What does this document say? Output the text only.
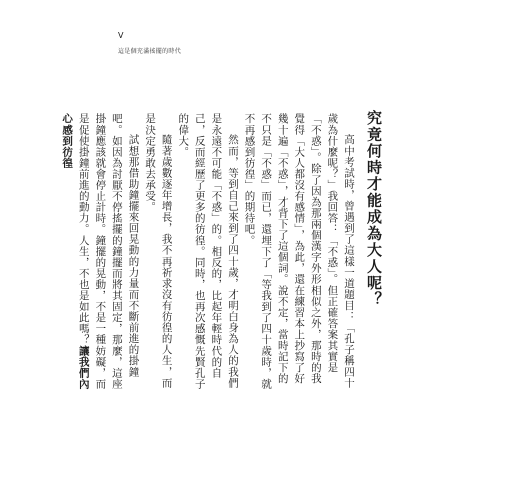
V
這是個充滿搖擺的時代
究竟何時才能成為大人呢？

高中考試時，曾遇到了這樣一道題目：「孔子稱四十歲為什麼呢？」我回答：「不惑」。但正確答案其實是「不惑」。除了因為那兩個漢字外形相似之外，那時的我覺得「大人都沒有感情」，為此，還在練習本上抄寫了好幾十遍「不惑」，才背下了這個詞。說不定，當時記下的不只是「不惑」而已，還埋下了「等我到了四十歲時，就不再感到彷徨」的期待吧。

然而，等到自己來到了四十歲，才明白身為人的我們是永遠不可能「不惑」的。相反的，比起年輕時代的自己，反而經歷了更多的彷徨。同時，也再次感慨先賢孔子的偉大。

隨著歲數逐年增長，我不再祈求沒有彷徨的人生，而是決定勇敢去承受。

試想那借助鐘擺來回晃動的力量而不斷前進的掛鐘吧。如因為討厭不停搖擺的鐘擺而將其固定，那麼，這座掛鐘應該就會停止計時。鐘擺的晃動，不是一種妨礙，而是促使掛鐘前進的動力。人生，不也是如此嗎？讓我們內心感到彷徨
